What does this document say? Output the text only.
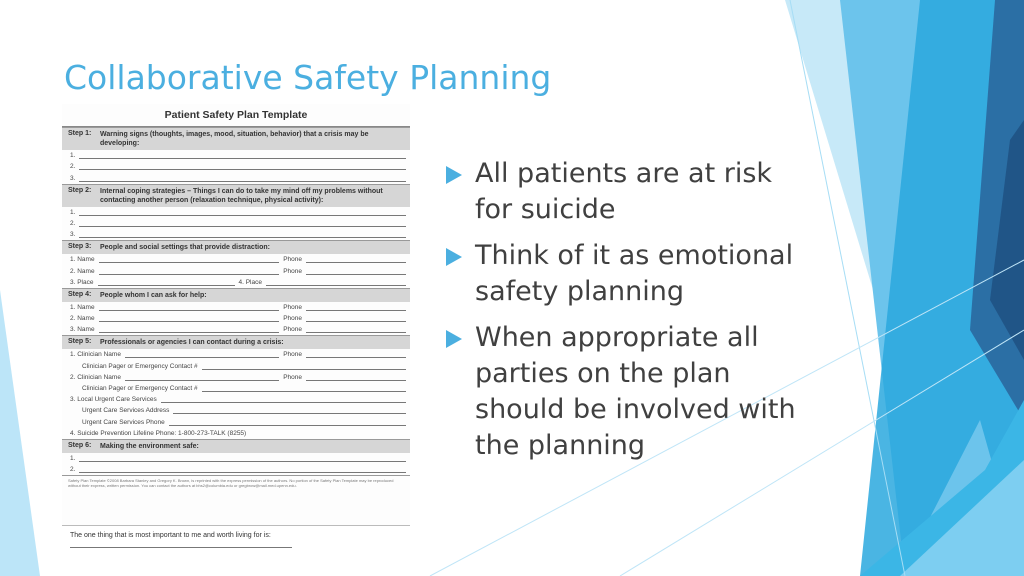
Collaborative Safety Planning
Patient Safety Plan Template
Step 1:	Warning signs (thoughts, images, mood, situation, behavior) that a crisis may be developing:
1.
2.
3.
Step 2:	Internal coping strategies – Things I can do to take my mind off my problems without contacting another person (relaxation technique, physical activity):
1.
2.
3.
Step 3:	People and social settings that provide distraction:
1. Name	Phone
2. Name	Phone
3. Place	4. Place
Step 4:	People whom I can ask for help:
1. Name	Phone
2. Name	Phone
3. Name	Phone
Step 5:	Professionals or agencies I can contact during a crisis:
1. Clinician Name	Phone
Clinician Pager or Emergency Contact #
2. Clinician Name	Phone
Clinician Pager or Emergency Contact #
3. Local Urgent Care Services
Urgent Care Services Address
Urgent Care Services Phone
4. Suicide Prevention Lifeline Phone: 1-800-273-TALK (8255)
Step 6:	Making the environment safe:
1.
2.
Safety Plan Template ©2008 Barbara Stanley and Gregory K. Brown, is reprinted with the express permission of the authors. No portion of the Safety Plan Template may be reproduced without their express, written permission. You can contact the authors at bhs2@columbia.edu or gregbrow@mail.med.upenn.edu.
The one thing that is most important to me and worth living for is:
All patients are at risk for suicide
Think of it as emotional safety planning
When appropriate all parties on the plan should be involved with the planning
